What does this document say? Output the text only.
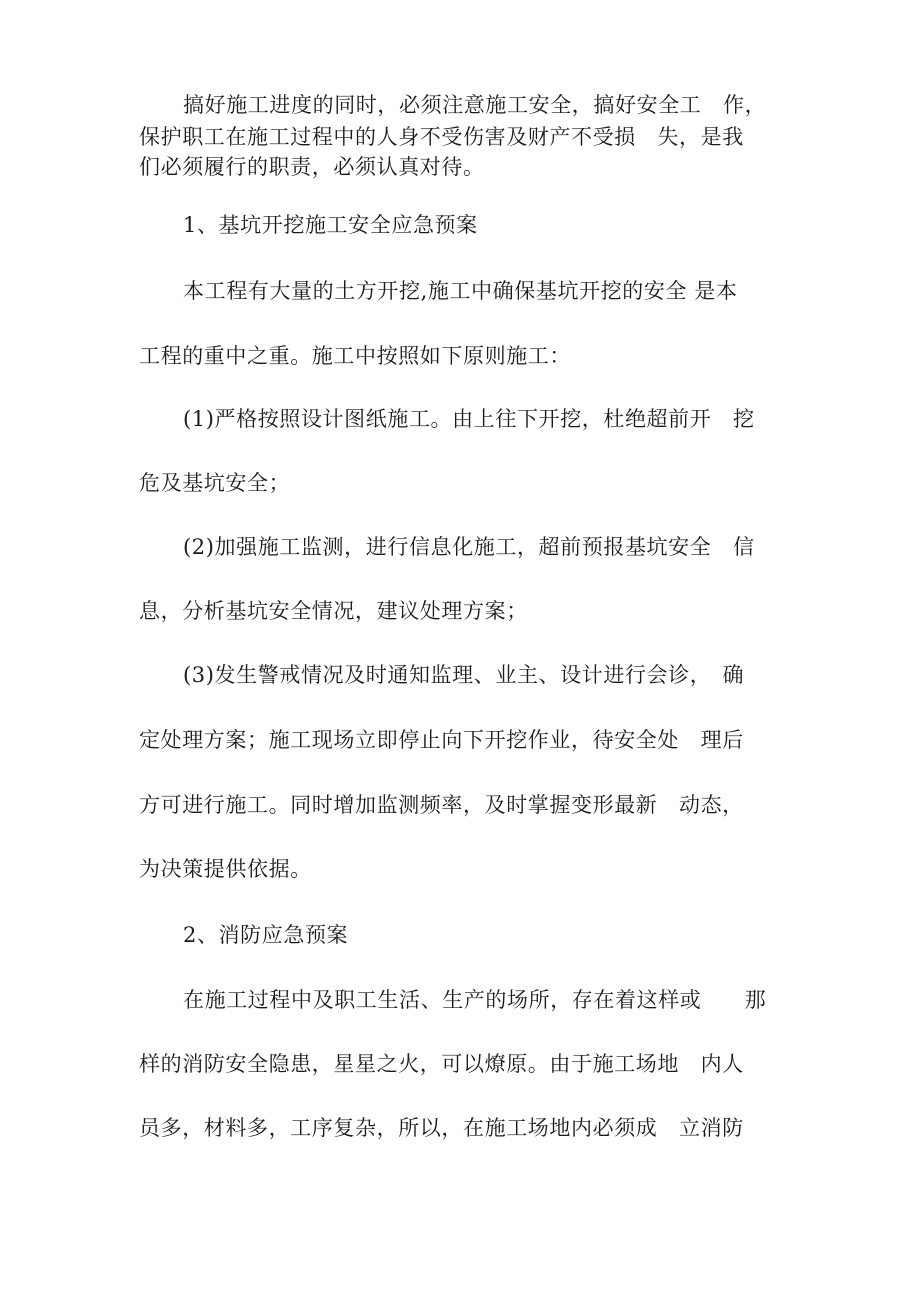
搞好施工进度的同时，必须注意施工安全，搞好安全工　作，
保护职工在施工过程中的人身不受伤害及财产不受损　失，是我
们必须履行的职责，必须认真对待。
1、基坑开挖施工安全应急预案
本工程有大量的土方开挖,施工中确保基坑开挖的安全 是本
工程的重中之重。施工中按照如下原则施工：
(1)严格按照设计图纸施工。由上往下开挖，杜绝超前开　挖
危及基坑安全；
(2)加强施工监测，进行信息化施工，超前预报基坑安全　信
息，分析基坑安全情况，建议处理方案；
(3)发生警戒情况及时通知监理、业主、设计进行会诊，　确
定处理方案；施工现场立即停止向下开挖作业，待安全处　理后
方可进行施工。同时增加监测频率，及时掌握变形最新　动态，
为决策提供依据。
2、消防应急预案
在施工过程中及职工生活、生产的场所，存在着这样或　　那
样的消防安全隐患，星星之火，可以燎原。由于施工场地　内人
员多，材料多，工序复杂，所以，在施工场地内必须成　立消防
